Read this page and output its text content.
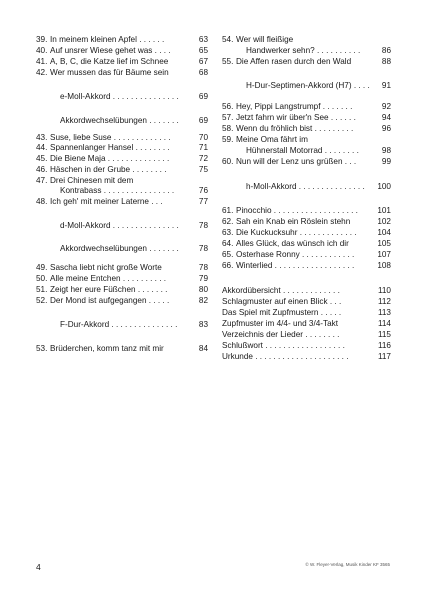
39. In meinem kleinen Apfel . . . . . .	63
40. Auf unsrer Wiese gehet was . . . .	65
41. A, B, C, die Katze lief im Schnee	67
42. Wer mussen das für Bäume sein	68
e-Moll-Akkord . . . . . . . . . . . . . . . 69
Akkordwechselübungen . . . . . . . 69
43. Suse, liebe Suse . . . . . . . . . . . . .	70
44. Spannenlanger Hansel . . . . . . . .	71
45. Die Biene Maja . . . . . . . . . . . . . .	72
46. Häschen in der Grube . . . . . . . .	75
47. Drei Chinesen mit dem
Kontrabass . . . . . . . . . . . . . . . .	76
48. Ich geh' mit meiner Laterne . . .	77
d-Moll-Akkord . . . . . . . . . . . . . . . 78
Akkordwechselübungen . . . . . . . 78
49. Sascha liebt nicht große Worte	78
50. Alle meine Entchen . . . . . . . . . .	79
51. Zeigt her eure Füßchen . . . . . . .	80
52. Der Mond ist aufgegangen . . . . .	82
F-Dur-Akkord . . . . . . . . . . . . . . .	83
53. Brüderchen, komm tanz mit mir	84
54. Wer will fleißige
Handwerker sehn? . . . . . . . . . .	86
55. Die Affen rasen durch den Wald	88
H-Dur-Septimen-Akkord (H7) . . . . 91
56. Hey, Pippi Langstrumpf . . . . . . .	92
57. Jetzt fahrn wir über'n See . . . . . .	94
58. Wenn du fröhlich bist . . . . . . . . .	96
59. Meine Oma fährt im
Hühnerstall Motorrad . . . . . . . .	98
60. Nun will der Lenz uns grüßen . . .	99
h-Moll-Akkord . . . . . . . . . . . . . . . 100
61. Pinocchio . . . . . . . . . . . . . . . . . . . 101
62. Sah ein Knab ein Röslein stehn	102
63. Die Kuckucksuhr . . . . . . . . . . . . .	104
64. Alles Glück, das wünsch ich dir	105
65. Osterhase Ronny . . . . . . . . . . . .	107
66. Winterlied . . . . . . . . . . . . . . . . . .	108
Akkordübersicht . . . . . . . . . . . . .	110
Schlagmuster auf einen Blick . . .	112
Das Spiel mit Zupfmustern . . . . .	113
Zupfmuster im 4/4- und 3/4-Takt	114
Verzeichnis der Lieder . . . . . . . .	115
Schlußwort . . . . . . . . . . . . . . . . . .	116
Urkunde . . . . . . . . . . . . . . . . . . . . .	117
4	© W. Fleyer-Verlag, Musik Kinder KF 3565
